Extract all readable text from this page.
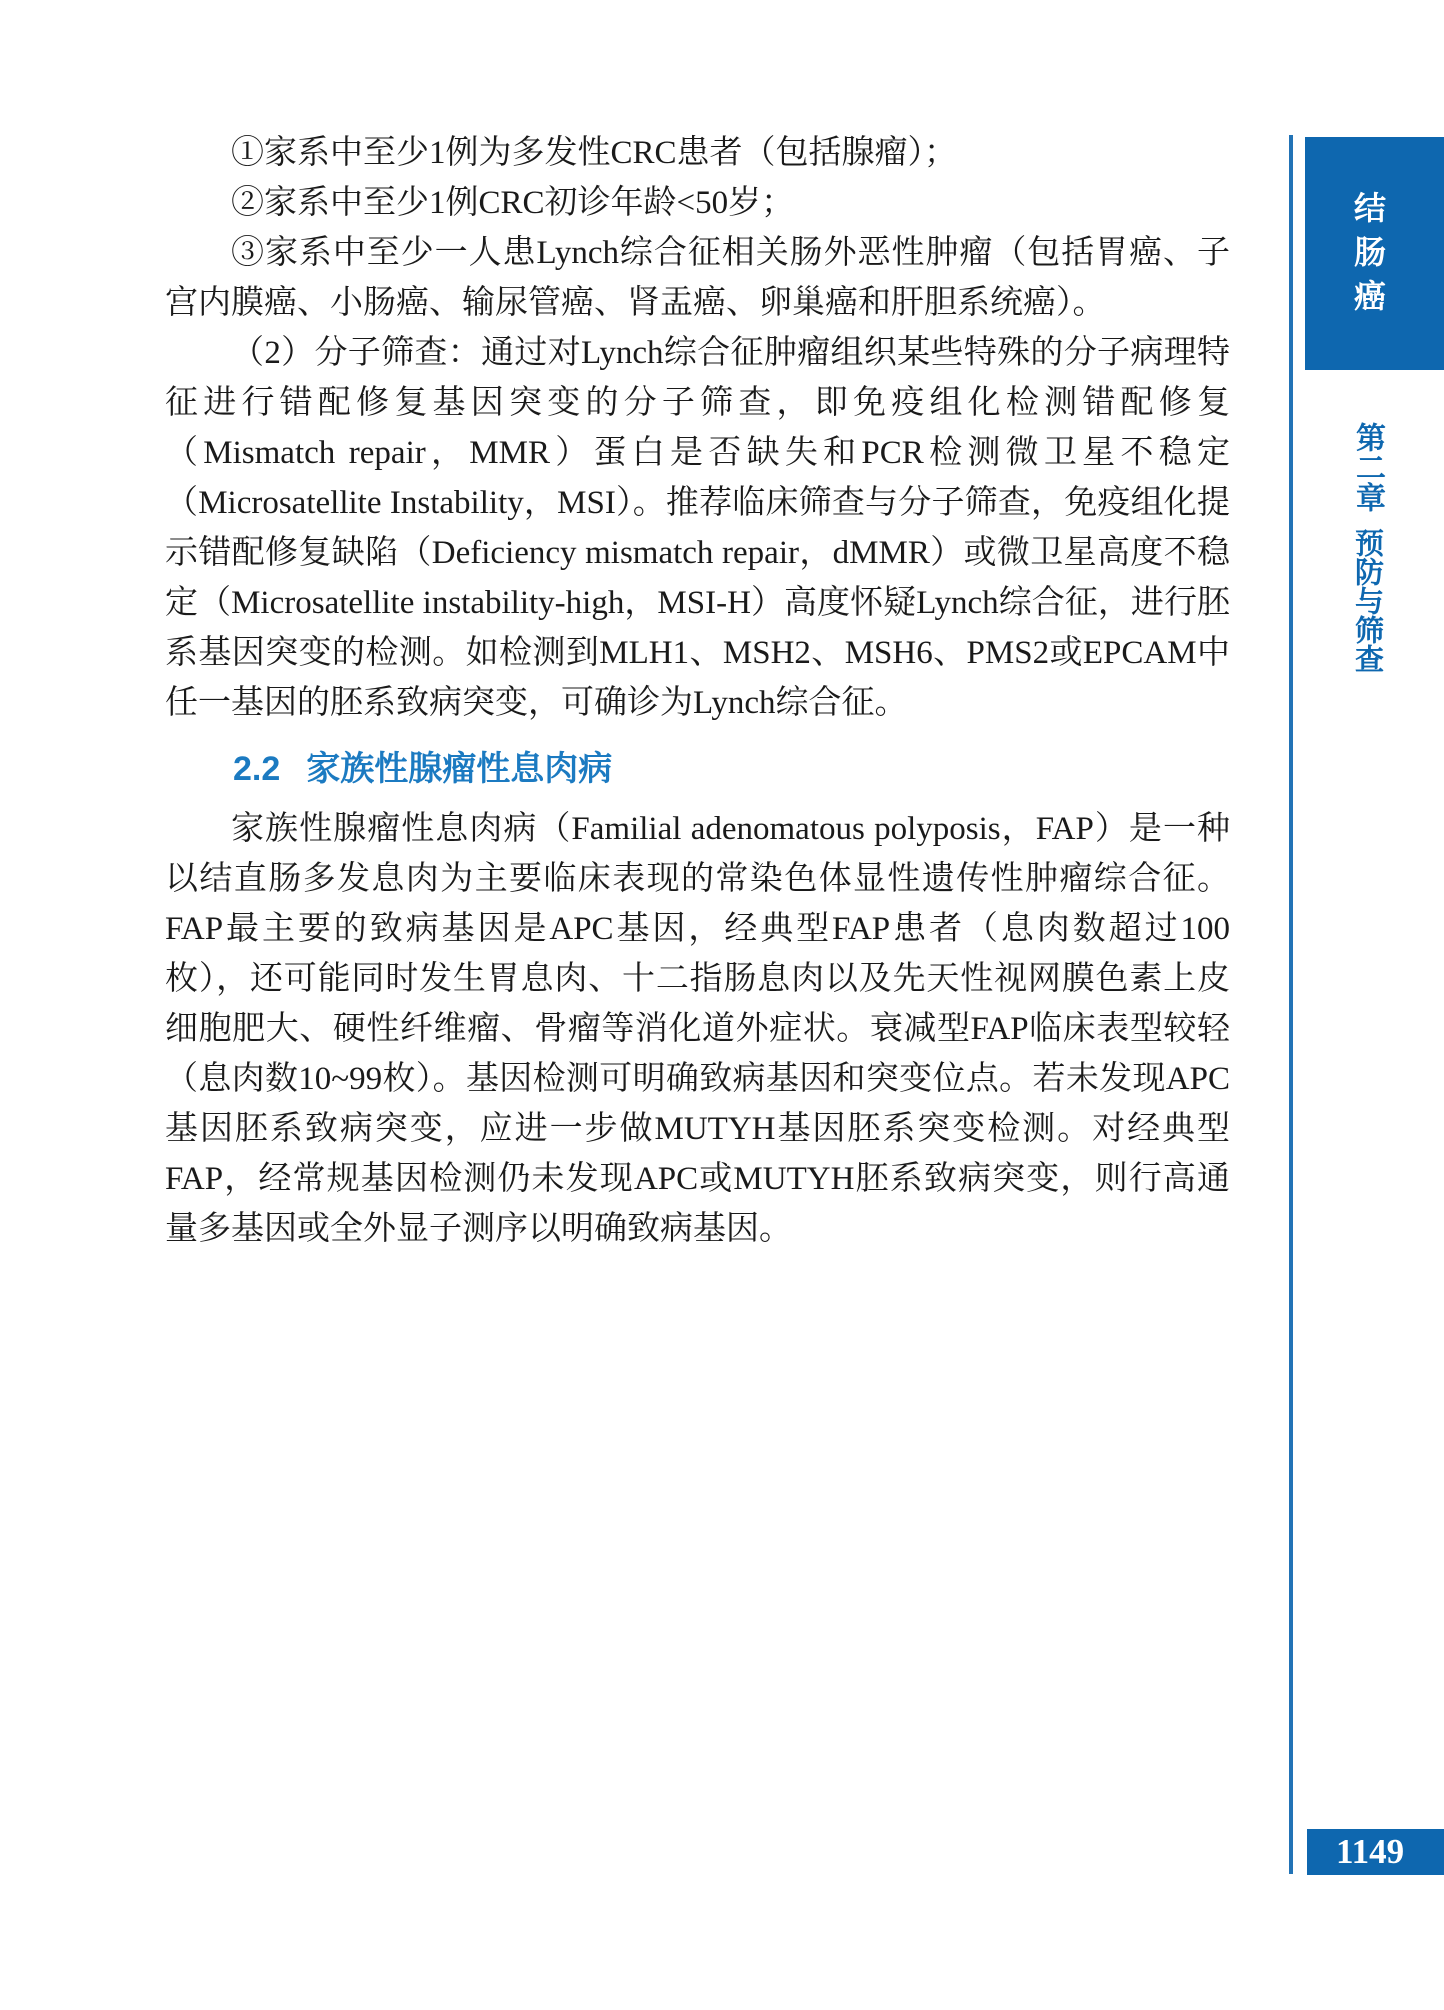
①家系中至少1例为多发性CRC患者（包括腺瘤）；

②家系中至少1例CRC初诊年龄<50岁；

③家系中至少一人患Lynch综合征相关肠外恶性肿瘤（包括胃癌、子宫内膜癌、小肠癌、输尿管癌、肾盂癌、卵巢癌和肝胆系统癌）。

（2）分子筛查：通过对Lynch综合征肿瘤组织某些特殊的分子病理特征进行错配修复基因突变的分子筛查，即免疫组化检测错配修复（Mismatch repair，MMR）蛋白是否缺失和PCR检测微卫星不稳定（Microsatellite Instability，MSI）。推荐临床筛查与分子筛查，免疫组化提示错配修复缺陷（Deficiency mismatch repair，dMMR）或微卫星高度不稳定（Microsatellite instability-high，MSI-H）高度怀疑Lynch综合征，进行胚系基因突变的检测。如检测到MLH1、MSH2、MSH6、PMS2或EPCAM中任一基因的胚系致病突变，可确诊为Lynch综合征。

2.2 家族性腺瘤性息肉病

家族性腺瘤性息肉病（Familial adenomatous polyposis，FAP）是一种以结直肠多发息肉为主要临床表现的常染色体显性遗传性肿瘤综合征。FAP最主要的致病基因是APC基因，经典型FAP患者（息肉数超过100枚），还可能同时发生胃息肉、十二指肠息肉以及先天性视网膜色素上皮细胞肥大、硬性纤维瘤、骨瘤等消化道外症状。衰减型FAP临床表型较轻（息肉数10~99枚）。基因检测可明确致病基因和突变位点。若未发现APC基因胚系致病突变，应进一步做MUTYH基因胚系突变检测。对经典型FAP，经常规基因检测仍未发现APC或MUTYH胚系致病突变，则行高通量多基因或全外显子测序以明确致病基因。

结肠癌
第二章
预防与筛查
1149
